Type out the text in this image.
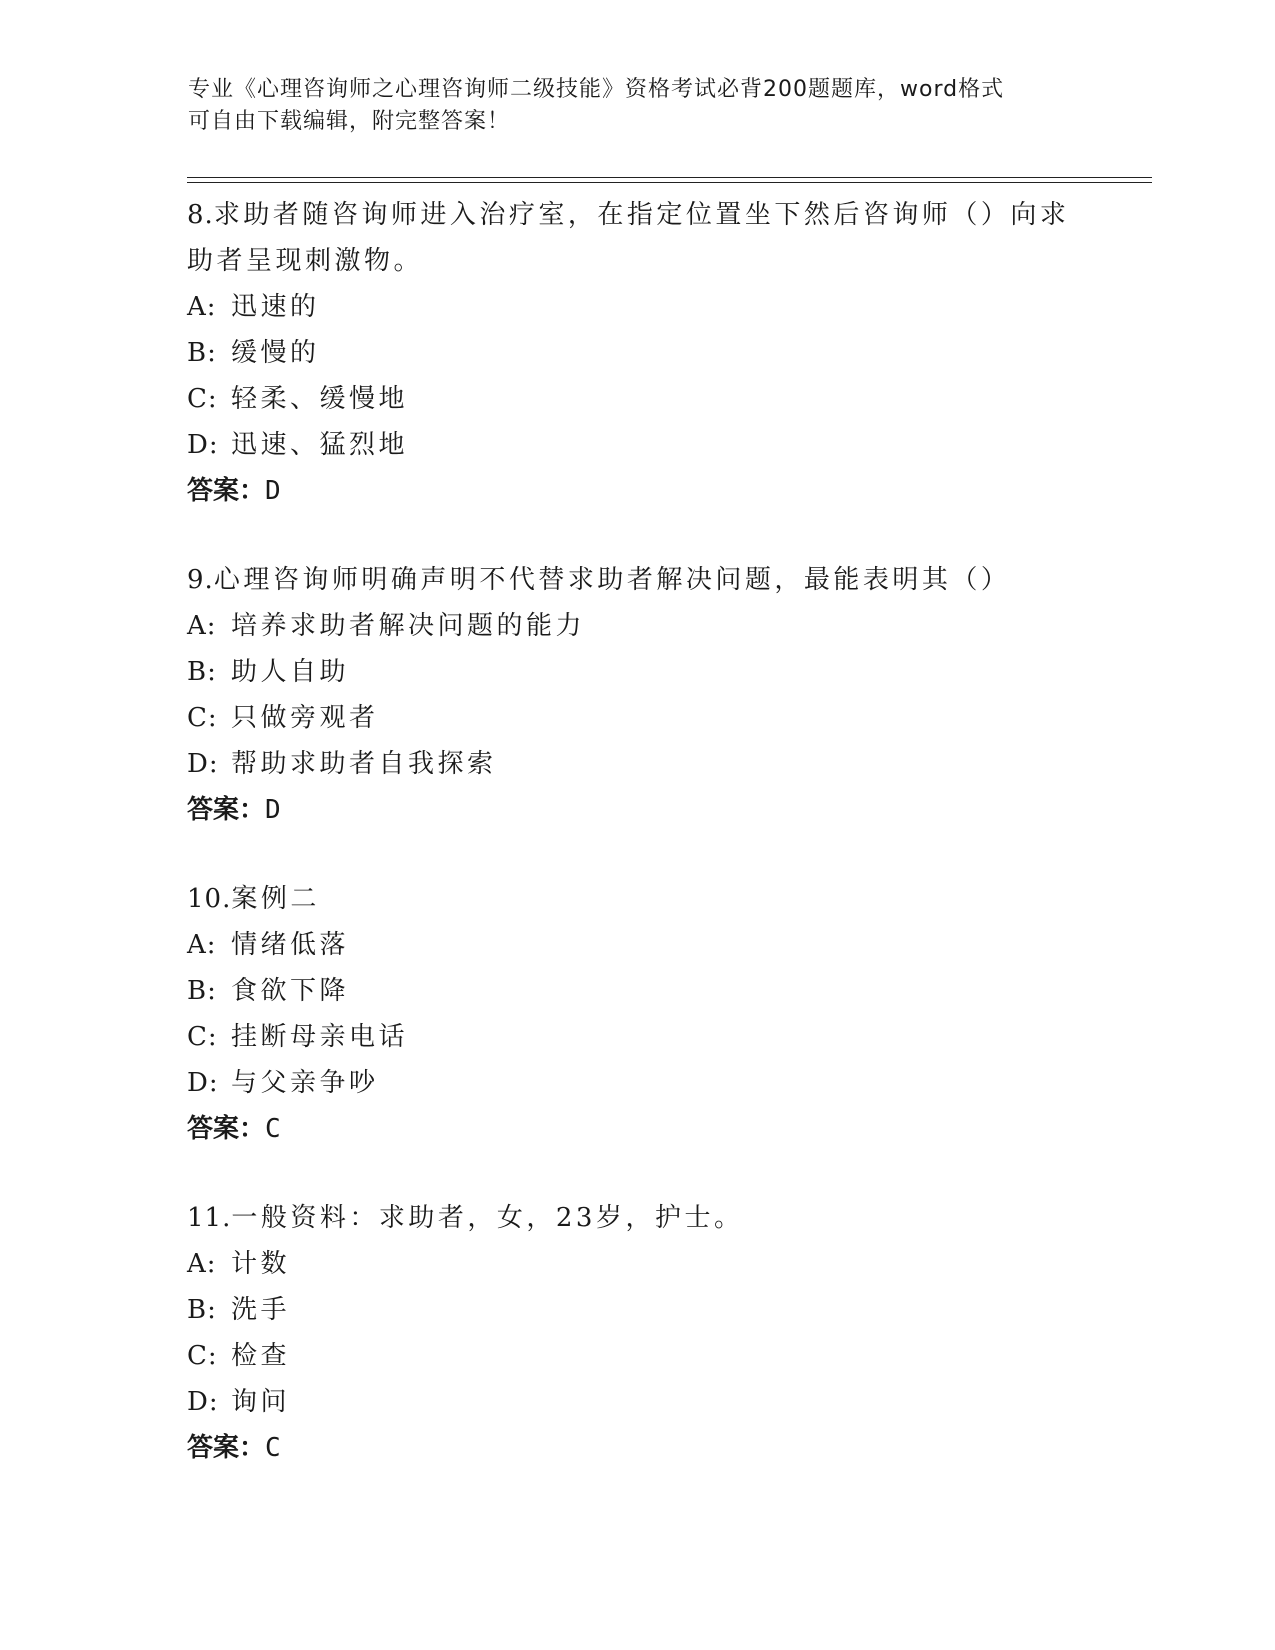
专业《心理咨询师之心理咨询师二级技能》资格考试必背200题题库，word格式
可自由下载编辑，附完整答案！

8.求助者随咨询师进入治疗室，在指定位置坐下然后咨询师（）向求

助者呈现刺激物。

A: 迅速的
B: 缓慢的
C: 轻柔、缓慢地
D: 迅速、猛烈地

答案：D

9.心理咨询师明确声明不代替求助者解决问题，最能表明其（）

A: 培养求助者解决问题的能力
B: 助人自助
C: 只做旁观者
D: 帮助求助者自我探索

答案：D

10.案例二

A: 情绪低落
B: 食欲下降
C: 挂断母亲电话
D: 与父亲争吵

答案：C

11.一般资料：求助者，女，23岁，护士。

A: 计数
B: 洗手
C: 检查
D: 询问

答案：C
